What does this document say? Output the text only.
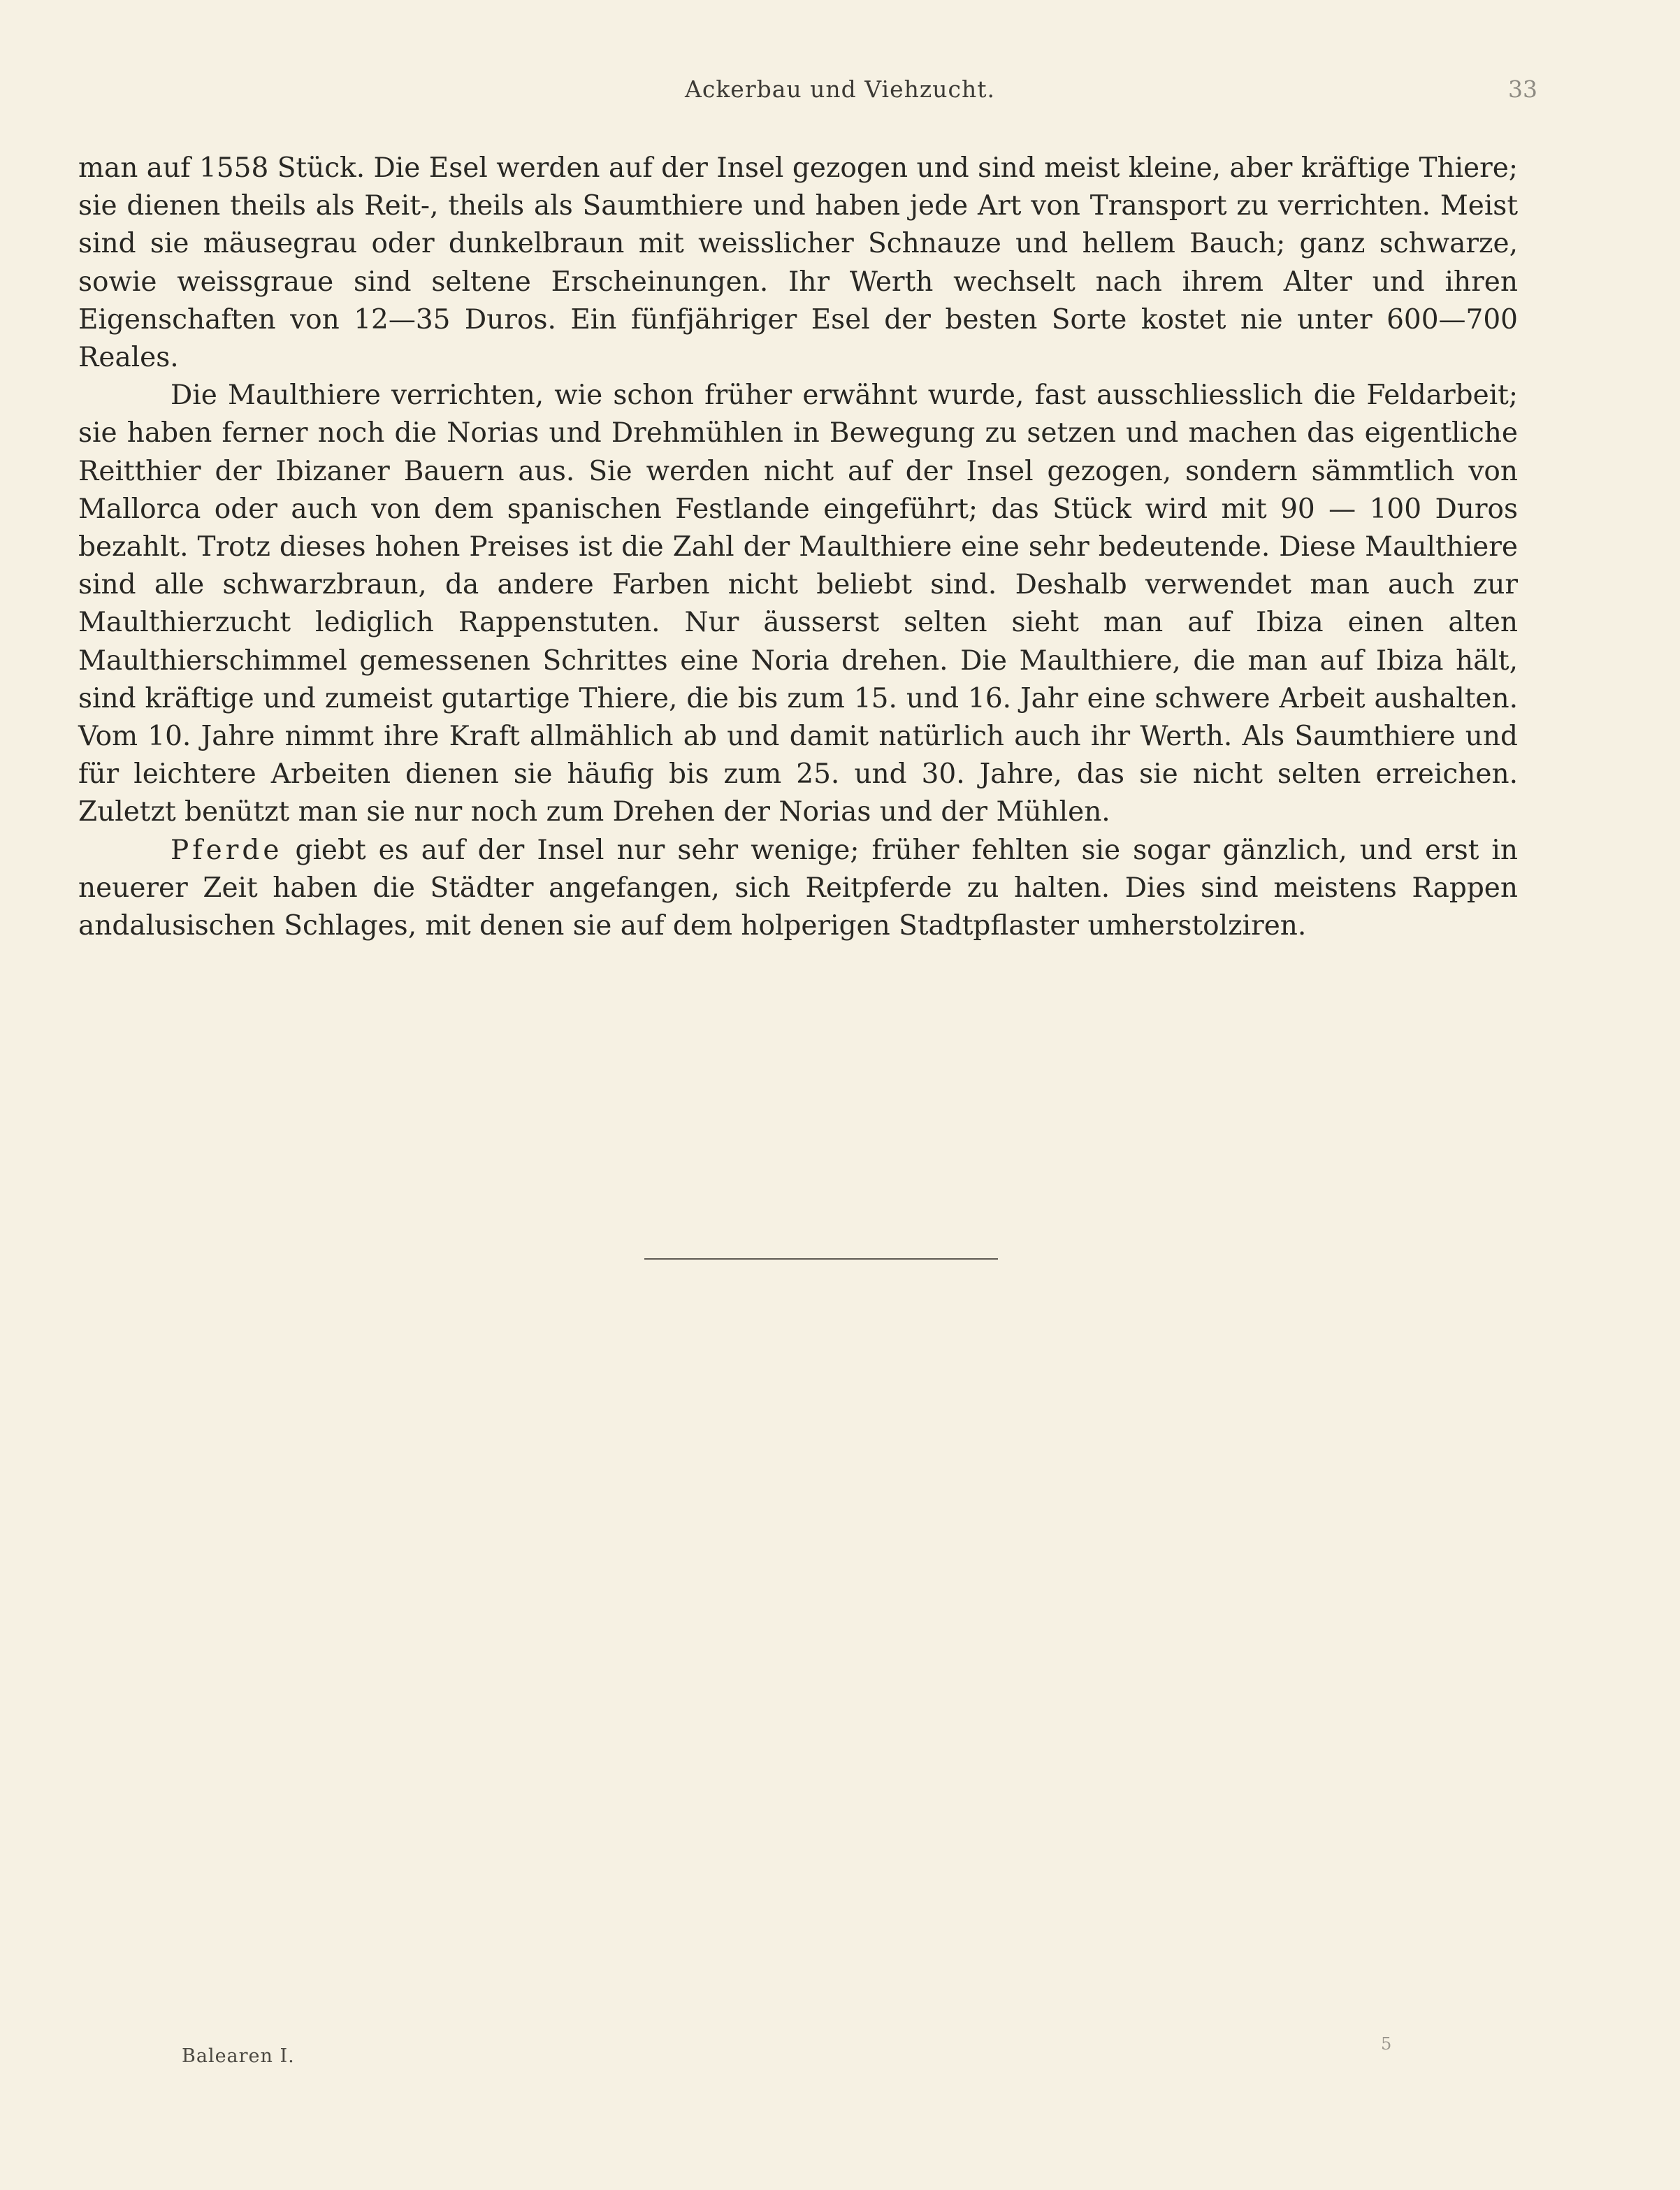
Ackerbau und Viehzucht.	33

man auf 1558 Stück. Die Esel werden auf der Insel gezogen und sind meist kleine, aber kräftige Thiere; sie dienen theils als Reit-, theils als Saumthiere und haben jede Art von Transport zu verrichten. Meist sind sie mäusegrau oder dunkelbraun mit weisslicher Schnauze und hellem Bauch; ganz schwarze, sowie weissgraue sind seltene Erscheinungen. Ihr Werth wechselt nach ihrem Alter und ihren Eigenschaften von 12—35 Duros. Ein fünfjähriger Esel der besten Sorte kostet nie unter 600—700 Reales.

Die Maulthiere verrichten, wie schon früher erwähnt wurde, fast ausschliesslich die Feldarbeit; sie haben ferner noch die Norias und Drehmühlen in Bewegung zu setzen und machen das eigentliche Reitthier der Ibizaner Bauern aus. Sie werden nicht auf der Insel gezogen, sondern sämmtlich von Mallorca oder auch von dem spanischen Festlande eingeführt; das Stück wird mit 90 — 100 Duros bezahlt. Trotz dieses hohen Preises ist die Zahl der Maulthiere eine sehr bedeutende. Diese Maulthiere sind alle schwarzbraun, da andere Farben nicht beliebt sind. Deshalb verwendet man auch zur Maulthierzucht lediglich Rappenstuten. Nur äusserst selten sieht man auf Ibiza einen alten Maulthierschimmel gemessenen Schrittes eine Noria drehen. Die Maulthiere, die man auf Ibiza hält, sind kräftige und zumeist gutartige Thiere, die bis zum 15. und 16. Jahr eine schwere Arbeit aushalten. Vom 10. Jahre nimmt ihre Kraft allmählich ab und damit natürlich auch ihr Werth. Als Saumthiere und für leichtere Arbeiten dienen sie häufig bis zum 25. und 30. Jahre, das sie nicht selten erreichen. Zuletzt benützt man sie nur noch zum Drehen der Norias und der Mühlen.

Pferde giebt es auf der Insel nur sehr wenige; früher fehlten sie sogar gänzlich, und erst in neuerer Zeit haben die Städter angefangen, sich Reitpferde zu halten. Dies sind meistens Rappen andalusischen Schlages, mit denen sie auf dem holperigen Stadtpflaster umherstolziren.

Balearen I.
5
